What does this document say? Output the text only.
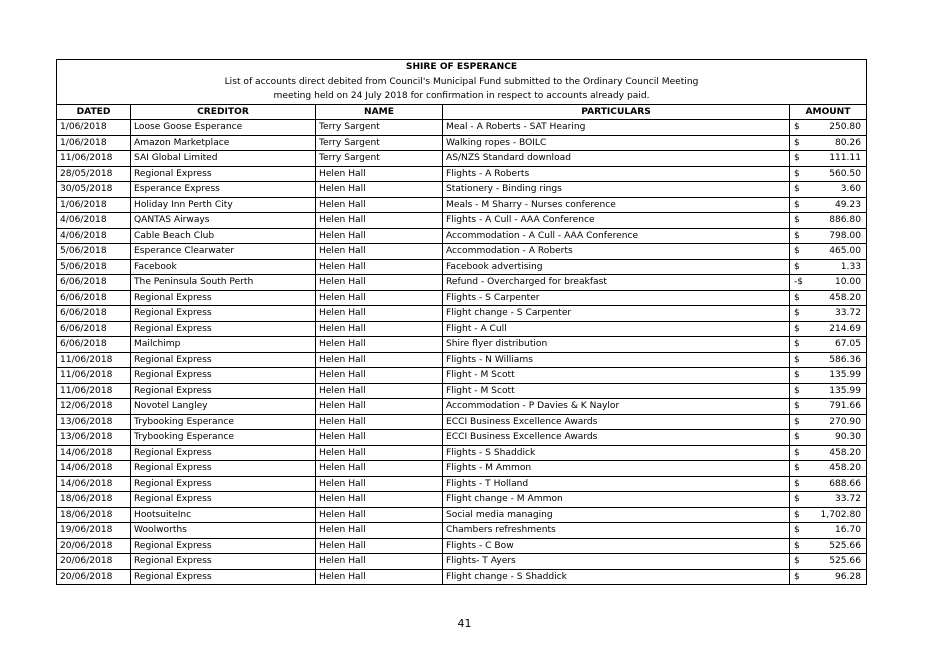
SHIRE OF ESPERANCE				
List of accounts direct debited from Council's Municipal Fund submitted to the Ordinary Council Meeting				
meeting held on 24 July 2018 for confirmation in respect to accounts already paid.				
DATED	CREDITOR	NAME	PARTICULARS	AMOUNT
1/06/2018	Loose Goose Esperance	Terry Sargent	Meal - A Roberts - SAT Hearing	$ 250.80

1/06/2018	Amazon Marketplace	Terry Sargent	Walking ropes - BOILC	$ 80.26

11/06/2018	SAI Global Limited	Terry Sargent	AS/NZS Standard download	$ 111.11

28/05/2018	Regional Express	Helen Hall	Flights - A Roberts	$ 560.50

30/05/2018	Esperance Express	Helen Hall	Stationery - Binding rings	$ 3.60

1/06/2018	Holiday Inn Perth City	Helen Hall	Meals - M Sharry - Nurses conference	$ 49.23

4/06/2018	QANTAS Airways	Helen Hall	Flights - A Cull - AAA Conference	$ 886.80

4/06/2018	Cable Beach Club	Helen Hall	Accommodation - A Cull - AAA Conference	$ 798.00

5/06/2018	Esperance Clearwater	Helen Hall	Accommodation - A Roberts	$ 465.00

5/06/2018	Facebook	Helen Hall	Facebook advertising	$ 1.33

6/06/2018	The Peninsula South Perth	Helen Hall	Refund - Overcharged for breakfast	-$ 10.00

6/06/2018	Regional Express	Helen Hall	Flights - S Carpenter	$ 458.20

6/06/2018	Regional Express	Helen Hall	Flight change - S Carpenter	$ 33.72

6/06/2018	Regional Express	Helen Hall	Flight - A Cull	$ 214.69

6/06/2018	Mailchimp	Helen Hall	Shire flyer distribution	$ 67.05

11/06/2018	Regional Express	Helen Hall	Flights - N Williams	$ 586.36

11/06/2018	Regional Express	Helen Hall	Flight - M Scott	$ 135.99

11/06/2018	Regional Express	Helen Hall	Flight - M Scott	$ 135.99

12/06/2018	Novotel Langley	Helen Hall	Accommodation - P Davies & K Naylor	$ 791.66

13/06/2018	Trybooking Esperance	Helen Hall	ECCI Business Excellence Awards	$ 270.90

13/06/2018	Trybooking Esperance	Helen Hall	ECCI Business Excellence Awards	$ 90.30

14/06/2018	Regional Express	Helen Hall	Flights - S Shaddick	$ 458.20

14/06/2018	Regional Express	Helen Hall	Flights - M Ammon	$ 458.20

14/06/2018	Regional Express	Helen Hall	Flights - T Holland	$ 688.66

18/06/2018	Regional Express	Helen Hall	Flight change - M Ammon	$ 33.72

18/06/2018	HootsuiteInc	Helen Hall	Social media managing	$ 1,702.80

19/06/2018	Woolworths	Helen Hall	Chambers refreshments	$ 16.70

20/06/2018	Regional Express	Helen Hall	Flights - C Bow	$ 525.66

20/06/2018	Regional Express	Helen Hall	Flights- T Ayers	$ 525.66

20/06/2018	Regional Express	Helen Hall	Flight change - S Shaddick	$ 96.28
41
